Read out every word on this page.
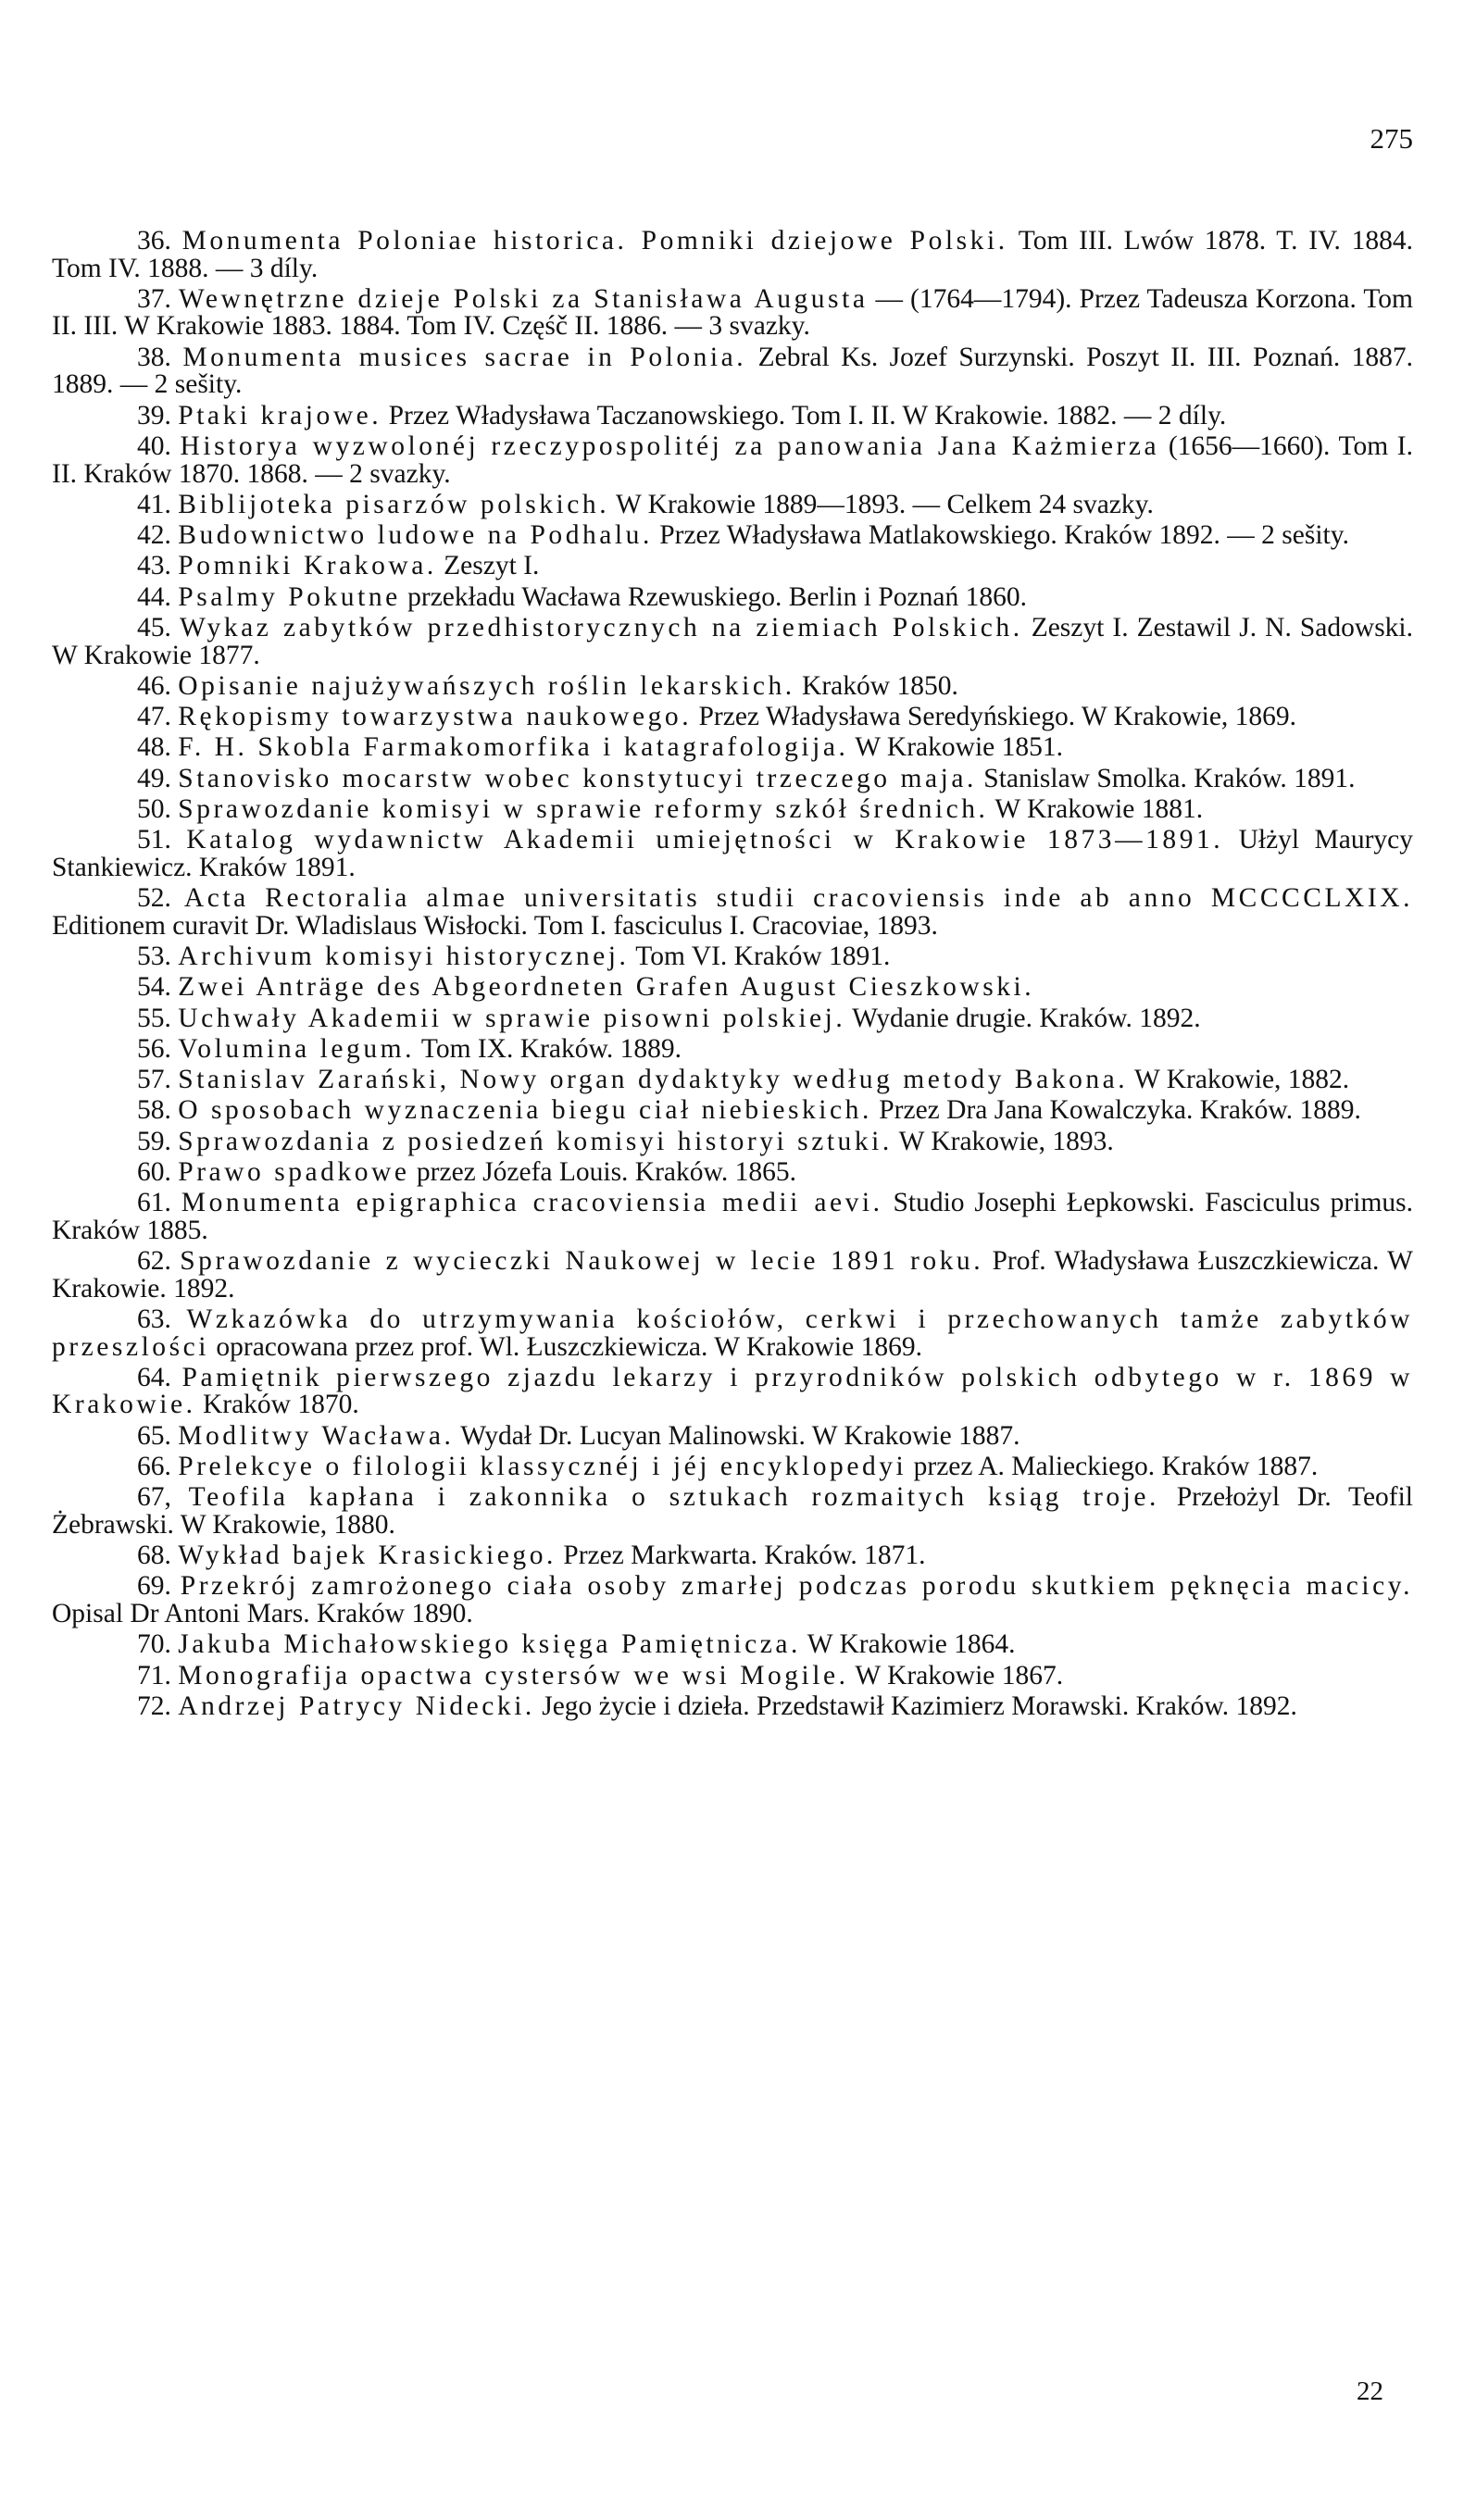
275
36. Monumenta Poloniae historica. Pomniki dziejowe Polski. Tom III. Lwów 1878. T. IV. 1884. Tom IV. 1888. — 3 díly.
37. Wewnętrzne dzieje Polski za Stanisława Augusta — (1764—1794). Przez Tadeusza Korzona. Tom II. III. W Krakowie 1883. 1884. Tom IV. Częśč II. 1886. — 3 svazky.
38. Monumenta musices sacrae in Polonia. Zebral Ks. Jozef Surzynski. Poszyt II. III. Poznań. 1887. 1889. — 2 sešity.
39. Ptaki krajowe. Przez Władysława Taczanowskiego. Tom I. II. W Krakowie. 1882. — 2 díly.
40. Historya wyzwolonéj rzeczypospolitéj za panowania Jana Każmierza (1656—1660). Tom I. II. Kraków 1870. 1868. — 2 svazky.
41. Biblijoteka pisarzów polskich. W Krakowie 1889—1893. — Celkem 24 svazky.
42. Budownictwo ludowe na Podhalu. Przez Władysława Matlakowskiego. Kraków 1892. — 2 sešity.
43. Pomniki Krakowa. Zeszyt I.
44. Psalmy Pokutne przekładu Wacława Rzewuskiego. Berlin i Poznań 1860.
45. Wykaz zabytków przedhistorycznych na ziemiach Polskich. Zeszyt I. Zestawil J. N. Sadowski. W Krakowie 1877.
46. Opisanie najużywańszych roślin lekarskich. Kraków 1850.
47. Rękopismy towarzystwa naukowego. Przez Władysława Seredyńskiego. W Krakowie, 1869.
48. F. H. Skobla Farmakomorfika i katagrafologija. W Krakowie 1851.
49. Stanovisko mocarstw wobec konstytucyi trzeczego maja. Stanislaw Smolka. Kraków. 1891.
50. Sprawozdanie komisyi w sprawie reformy szkół średnich. W Krakowie 1881.
51. Katalog wydawnictw Akademii umiejętności w Krakowie 1873—1891. Ułżyl Maurycy Stankiewicz. Kraków 1891.
52. Acta Rectoralia almae universitatis studii cracoviensis inde ab anno MCCCCLXIX. Editionem curavit Dr. Wladislaus Wisłocki. Tom I. fasciculus I. Cracoviae, 1893.
53. Archivum komisyi historycznej. Tom VI. Kraków 1891.
54. Zwei Anträge des Abgeordneten Grafen August Cieszkowski.
55. Uchwały Akademii w sprawie pisowni polskiej. Wydanie drugie. Kraków. 1892.
56. Volumina legum. Tom IX. Kraków. 1889.
57. Stanislav Zarański, Nowy organ dydaktyky według metody Bakona. W Krakowie, 1882.
58. O sposobach wyznaczenia biegu ciał niebieskich. Przez Dra Jana Kowalczyka. Kraków. 1889.
59. Sprawozdania z posiedzeń komisyi historyi sztuki. W Krakowie, 1893.
60. Prawo spadkowe przez Józefa Louis. Kraków. 1865.
61. Monumenta epigraphica cracoviensia medii aevi. Studio Josephi Łepkowski. Fasciculus primus. Kraków 1885.
62. Sprawozdanie z wycieczki Naukowej w lecie 1891 roku. Prof. Władysława Łuszczkiewicza. W Krakowie. 1892.
63. Wzkazówka do utrzymywania kościołów, cerkwi i przechowanych tamże zabytków przeszlości opracowana przez prof. Wl. Łuszczkiewicza. W Krakowie 1869.
64. Pamiętnik pierwszego zjazdu lekarzy i przyrodników polskich odbytego w r. 1869 w Krakowie. Kraków 1870.
65. Modlitwy Wacława. Wydał Dr. Lucyan Malinowski. W Krakowie 1887.
66. Prelekcye o filologii klassycznéj i jéj encyklopedyi przez A. Malieckiego. Kraków 1887.
67, Teofila kapłana i zakonnika o sztukach rozmaitych ksiąg troje. Przełożyl Dr. Teofil Żebrawski. W Krakowie, 1880.
68. Wykład bajek Krasickiego. Przez Markwarta. Kraków. 1871.
69. Przekrój zamrożonego ciała osoby zmarłej podczas porodu skutkiem pęknęcia macicy. Opisal Dr Antoni Mars. Kraków 1890.
70. Jakuba Michałowskiego księga Pamiętnicza. W Krakowie 1864.
71. Monografija opactwa cystersów we wsi Mogile. W Krakowie 1867.
72. Andrzej Patrycy Nidecki. Jego życie i dzieła. Przedstawił Kazimierz Morawski. Kraków. 1892.
22
